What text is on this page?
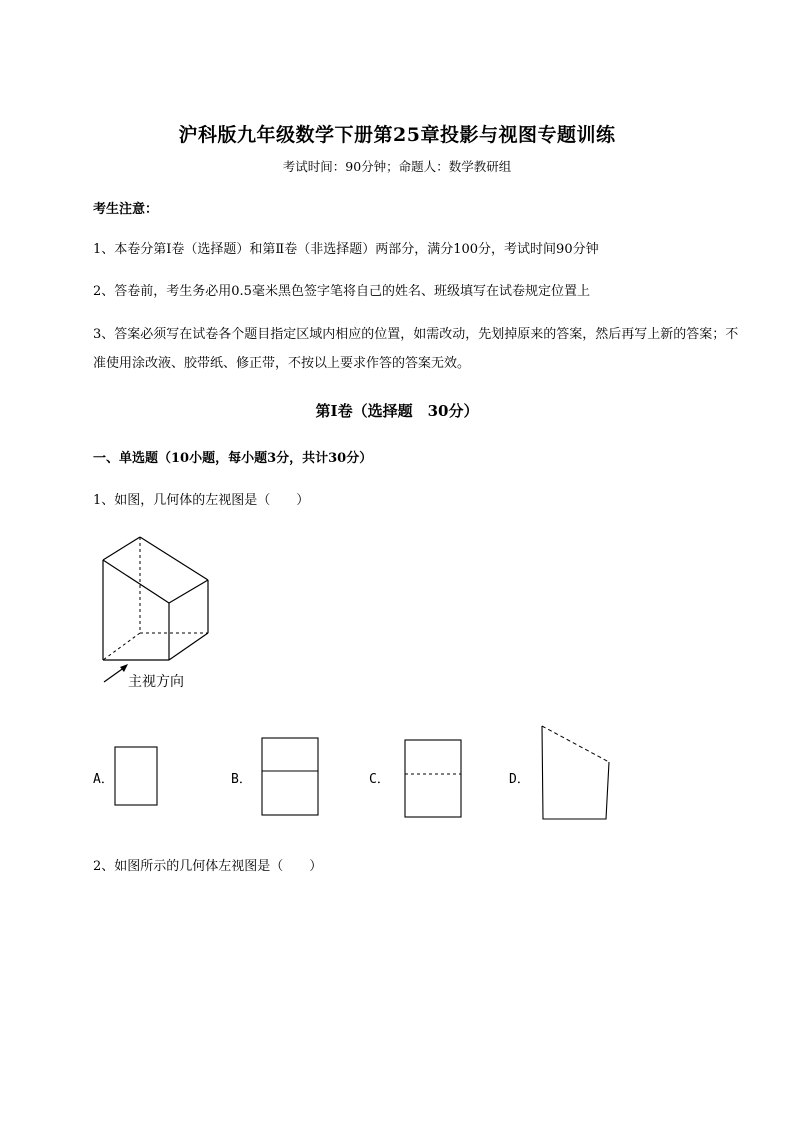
沪科版九年级数学下册第25章投影与视图专题训练

考试时间：90分钟；命题人：数学教研组

考生注意：

1、本卷分第I卷（选择题）和第Ⅱ卷（非选择题）两部分，满分100分，考试时间90分钟

2、答卷前，考生务必用0.5毫米黑色签字笔将自己的姓名、班级填写在试卷规定位置上

3、答案必须写在试卷各个题目指定区域内相应的位置，如需改动，先划掉原来的答案，然后再写上新的答案；不准使用涂改液、胶带纸、修正带，不按以上要求作答的答案无效。

第I卷（选择题　30分）

一、单选题（10小题，每小题3分，共计30分）

1、如图，几何体的左视图是（　　）

主视方向
A．	B．	C．	D．

2、如图所示的几何体左视图是（　　）
